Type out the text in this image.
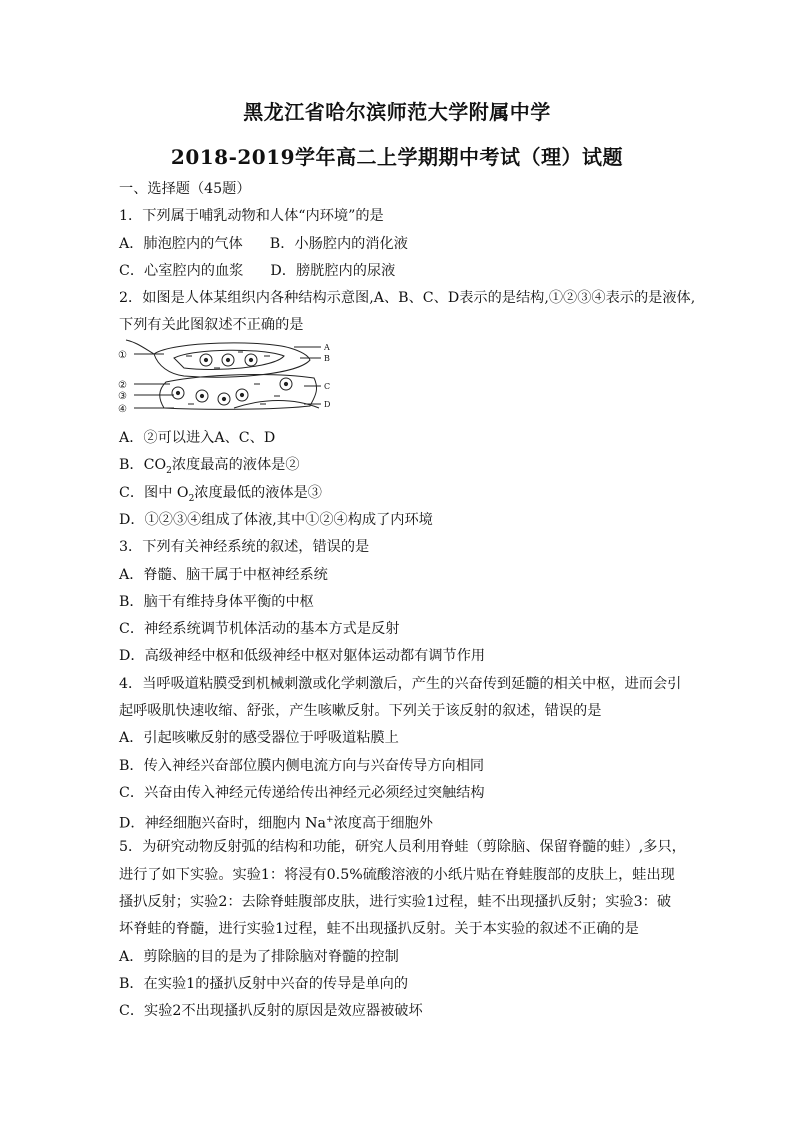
黑龙江省哈尔滨师范大学附属中学
2018-2019学年高二上学期期中考试（理）试题
一、选择题（45题）
1．下列属于哺乳动物和人体“内环境”的是
A．肺泡腔内的气体      B．小肠腔内的消化液
C．心室腔内的血浆      D．膀胱腔内的尿液
2．如图是人体某组织内各种结构示意图,A、B、C、D表示的是结构,①②③④表示的是液体,
下列有关此图叙述不正确的是
①
②
③
④
A
B
C
D
A．②可以进入A、C、D
B．$CO_2$浓度最高的液体是②
C．图中 $O_2$浓度最低的液体是③
D．①②③④组成了体液,其中①②④构成了内环境
3．下列有关神经系统的叙述，错误的是
A．脊髓、脑干属于中枢神经系统
B．脑干有维持身体平衡的中枢
C．神经系统调节机体活动的基本方式是反射
D．高级神经中枢和低级神经中枢对躯体运动都有调节作用
4．当呼吸道粘膜受到机械刺激或化学刺激后，产生的兴奋传到延髓的相关中枢，进而会引
起呼吸肌快速收缩、舒张，产生咳嗽反射。下列关于该反射的叙述，错误的是
A．引起咳嗽反射的感受器位于呼吸道粘膜上
B．传入神经兴奋部位膜内侧电流方向与兴奋传导方向相同
C．兴奋由传入神经元传递给传出神经元必须经过突触结构
D．神经细胞兴奋时，细胞内 Na+浓度高于细胞外
5．为研究动物反射弧的结构和功能，研究人员利用脊蛙（剪除脑、保留脊髓的蛙）,多只，
进行了如下实验。实验1：将浸有0.5%硫酸溶液的小纸片贴在脊蛙腹部的皮肤上，蛙出现
搔扒反射；实验2：去除脊蛙腹部皮肤，进行实验1过程，蛙不出现搔扒反射；实验3：破
坏脊蛙的脊髓，进行实验1过程，蛙不出现搔扒反射。关于本实验的叙述不正确的是
A．剪除脑的目的是为了排除脑对脊髓的控制
B．在实验1的搔扒反射中兴奋的传导是单向的
C．实验2不出现搔扒反射的原因是效应器被破坏
